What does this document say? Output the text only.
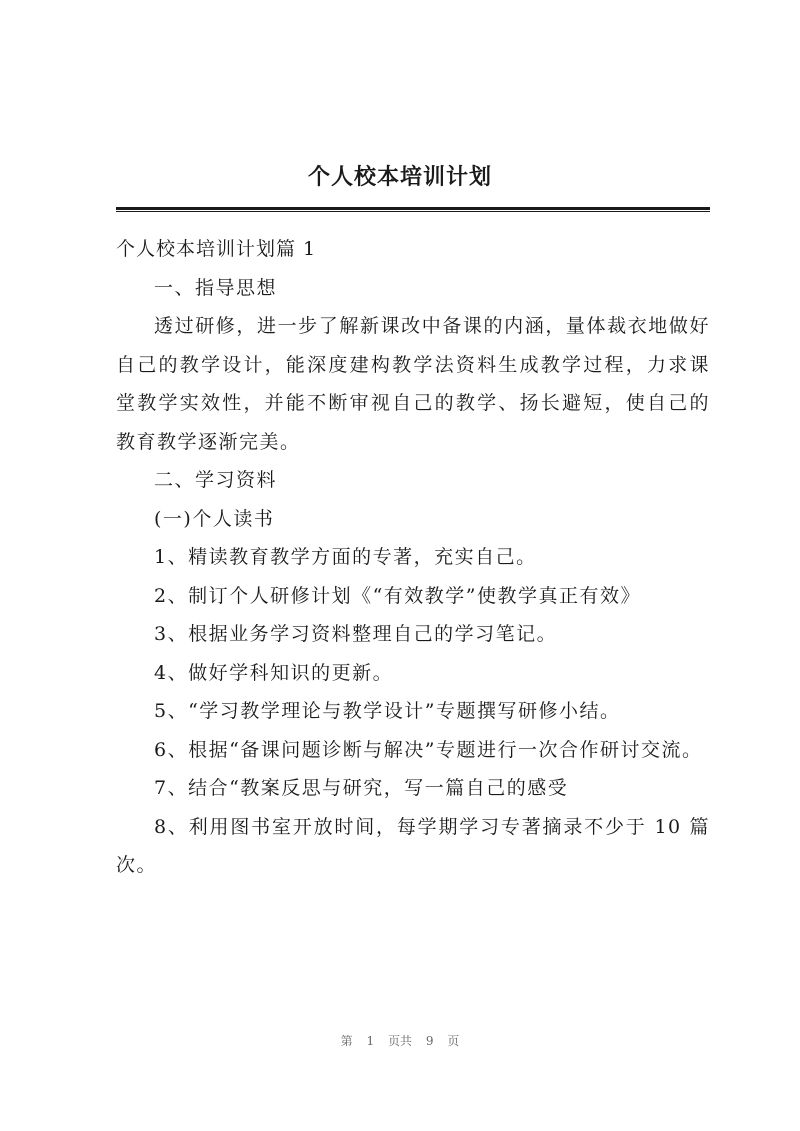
个人校本培训计划

个人校本培训计划篇 1

一、指导思想

透过研修，进一步了解新课改中备课的内涵，量体裁衣地做好自己的教学设计，能深度建构教学法资料生成教学过程，力求课堂教学实效性，并能不断审视自己的教学、扬长避短，使自己的教育教学逐渐完美。

二、学习资料

(一)个人读书

1、精读教育教学方面的专著，充实自己。

2、制订个人研修计划《“有效教学”使教学真正有效》

3、根据业务学习资料整理自己的学习笔记。

4、做好学科知识的更新。

5、“学习教学理论与教学设计”专题撰写研修小结。

6、根据“备课问题诊断与解决”专题进行一次合作研讨交流。

7、结合“教案反思与研究，写一篇自己的感受

8、利用图书室开放时间，每学期学习专著摘录不少于 10 篇次。

第 1 页共 9 页
